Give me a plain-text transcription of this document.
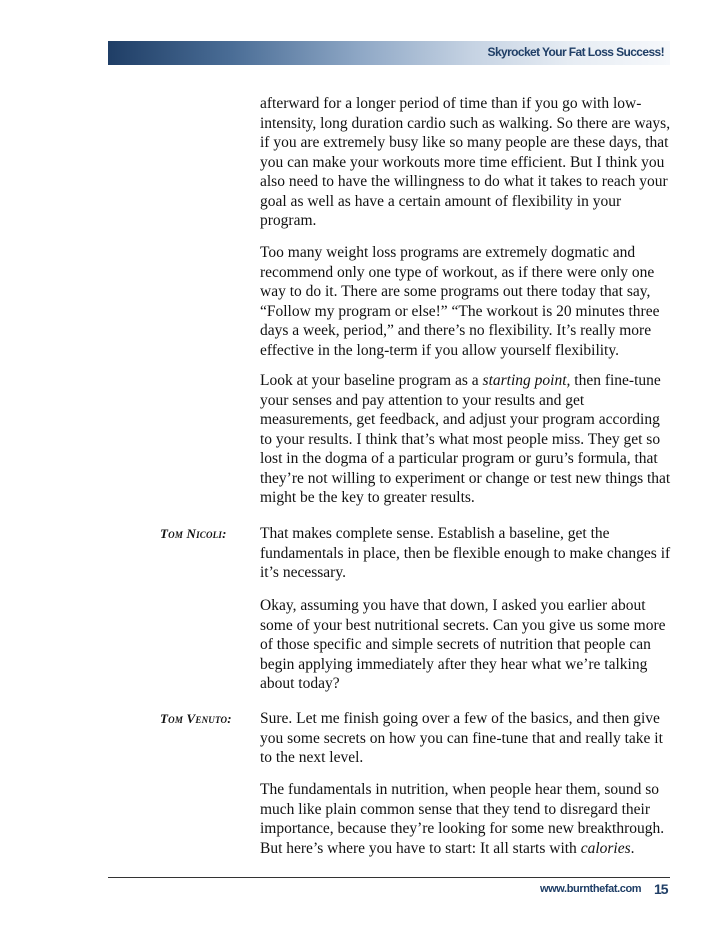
Skyrocket Your Fat Loss Success!
afterward for a longer period of time than if you go with low-
intensity, long duration cardio such as walking. So there are ways,
if you are extremely busy like so many people are these days, that
you can make your workouts more time efficient. But I think you
also need to have the willingness to do what it takes to reach your
goal as well as have a certain amount of flexibility in your
program.
Too many weight loss programs are extremely dogmatic and
recommend only one type of workout, as if there were only one
way to do it. There are some programs out there today that say,
“Follow my program or else!” “The workout is 20 minutes three
days a week, period,” and there’s no flexibility. It’s really more
effective in the long-term if you allow yourself flexibility.
Look at your baseline program as a starting point, then fine-tune
your senses and pay attention to your results and get
measurements, get feedback, and adjust your program according
to your results. I think that’s what most people miss. They get so
lost in the dogma of a particular program or guru’s formula, that
they’re not willing to experiment or change or test new things that
might be the key to greater results.
Tom Nicoli: That makes complete sense. Establish a baseline, get the
fundamentals in place, then be flexible enough to make changes if
it’s necessary.
Okay, assuming you have that down, I asked you earlier about
some of your best nutritional secrets. Can you give us some more
of those specific and simple secrets of nutrition that people can
begin applying immediately after they hear what we’re talking
about today?
Tom Venuto: Sure. Let me finish going over a few of the basics, and then give
you some secrets on how you can fine-tune that and really take it
to the next level.
The fundamentals in nutrition, when people hear them, sound so
much like plain common sense that they tend to disregard their
importance, because they’re looking for some new breakthrough.
But here’s where you have to start: It all starts with calories.
www.burnthefat.com 15
